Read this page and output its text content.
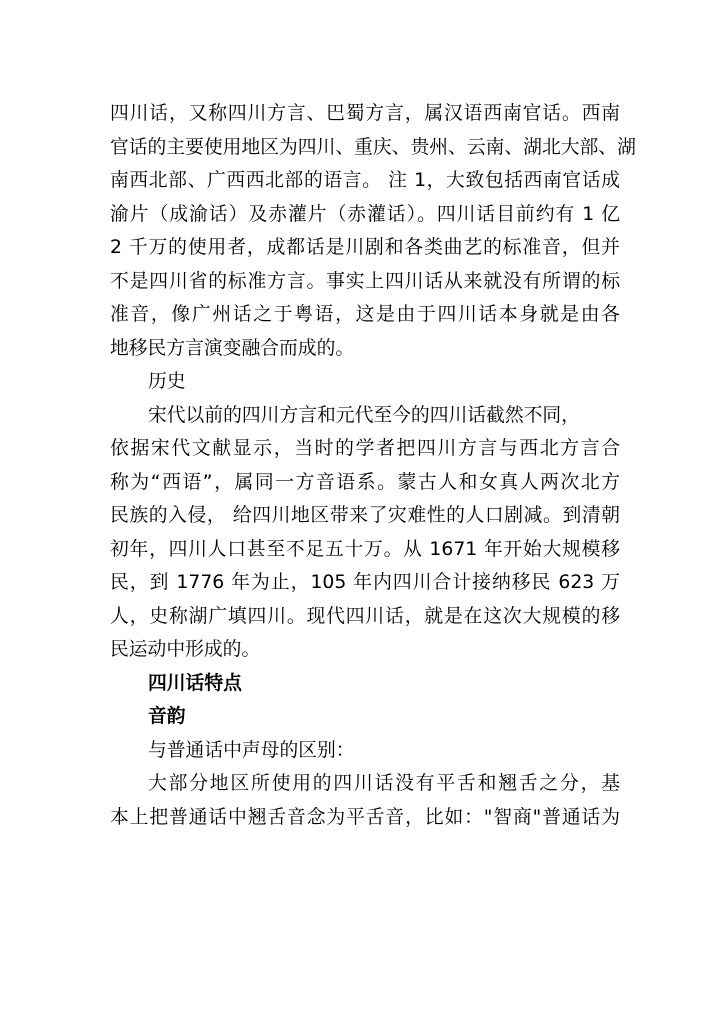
四川话，又称四川方言、巴蜀方言，属汉语西南官话。西南
官话的主要使用地区为四川、重庆、贵州、云南、湖北大部、湖
南西北部、广西西北部的语言。 注 1，大致包括西南官话成
渝片（成渝话）及赤灌片（赤灌话）。四川话目前约有 1 亿
2 千万的使用者，成都话是川剧和各类曲艺的标准音，但并
不是四川省的标准方言。事实上四川话从来就没有所谓的标
准音，像广州话之于粤语，这是由于四川话本身就是由各
地移民方言演变融合而成的。
历史
宋代以前的四川方言和元代至今的四川话截然不同，
依据宋代文献显示，当时的学者把四川方言与西北方言合
称为“西语”，属同一方音语系。蒙古人和女真人两次北方
民族的入侵， 给四川地区带来了灾难性的人口剧减。到清朝
初年，四川人口甚至不足五十万。从 1671 年开始大规模移
民，到 1776 年为止，105 年内四川合计接纳移民 623 万
人，史称湖广填四川。现代四川话，就是在这次大规模的移
民运动中形成的。
四川话特点
音韵
与普通话中声母的区别：
大部分地区所使用的四川话没有平舌和翘舌之分，基
本上把普通话中翘舌音念为平舌音，比如："智商"普通话为
